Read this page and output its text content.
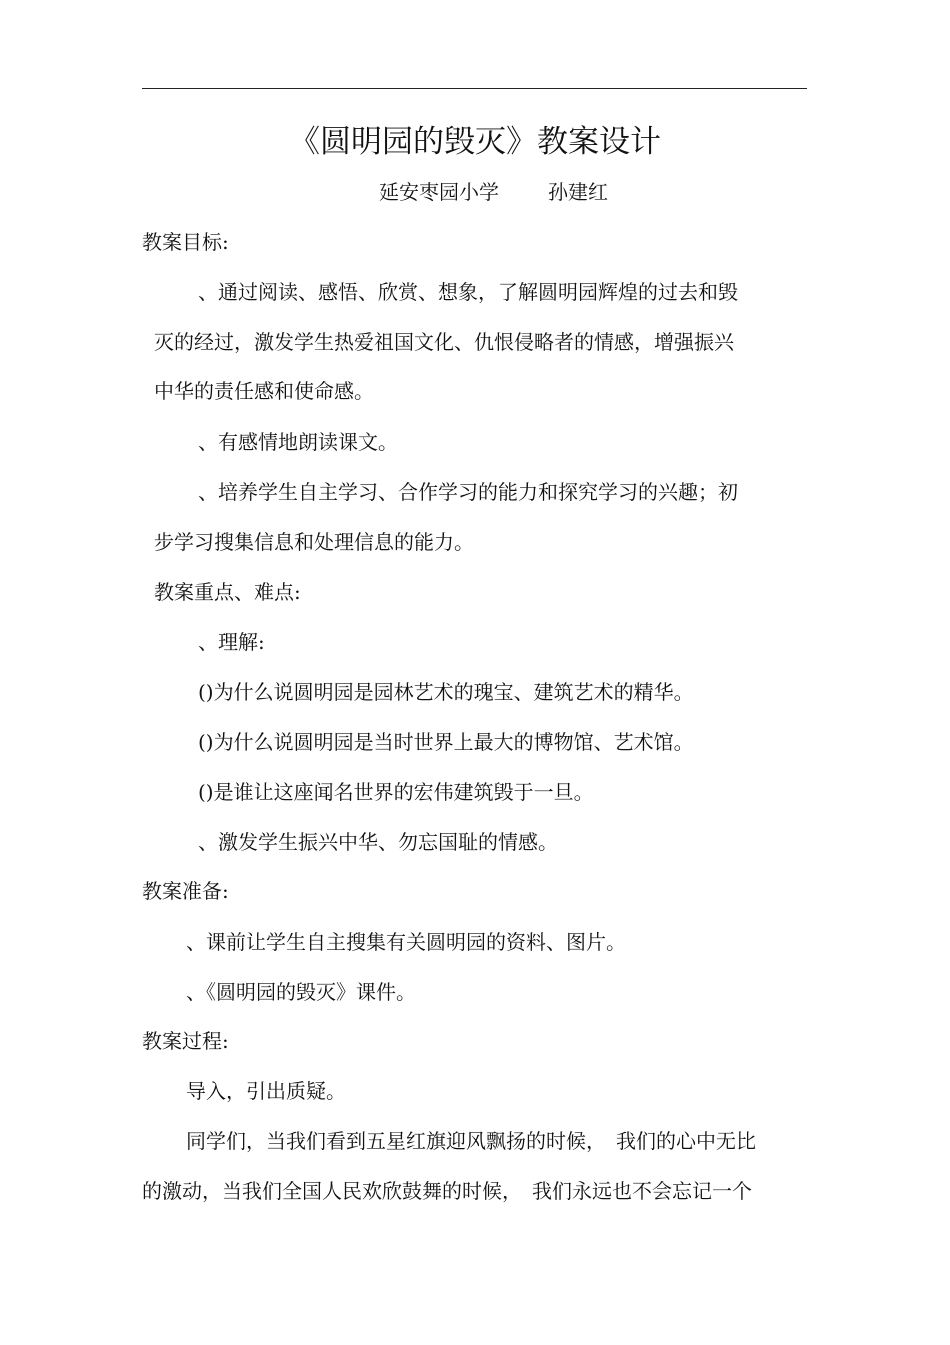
《圆明园的毁灭》教案设计
延安枣园小学 孙建红
教案目标:
、通过阅读、感悟、欣赏、想象，了解圆明园辉煌的过去和毁
灭的经过，激发学生热爱祖国文化、仇恨侵略者的情感，增强振兴
中华的责任感和使命感。
、有感情地朗读课文。
、培养学生自主学习、合作学习的能力和探究学习的兴趣；初
步学习搜集信息和处理信息的能力。
教案重点、难点:
、理解:
()为什么说圆明园是园林艺术的瑰宝、建筑艺术的精华。
()为什么说圆明园是当时世界上最大的博物馆、艺术馆。
()是谁让这座闻名世界的宏伟建筑毁于一旦。
、激发学生振兴中华、勿忘国耻的情感。
教案准备:
、课前让学生自主搜集有关圆明园的资料、图片。
、《圆明园的毁灭》课件。
教案过程:
导入，引出质疑。
同学们，当我们看到五星红旗迎风飘扬的时候，　我们的心中无比
的激动，当我们全国人民欢欣鼓舞的时候，　我们永远也不会忘记一个
